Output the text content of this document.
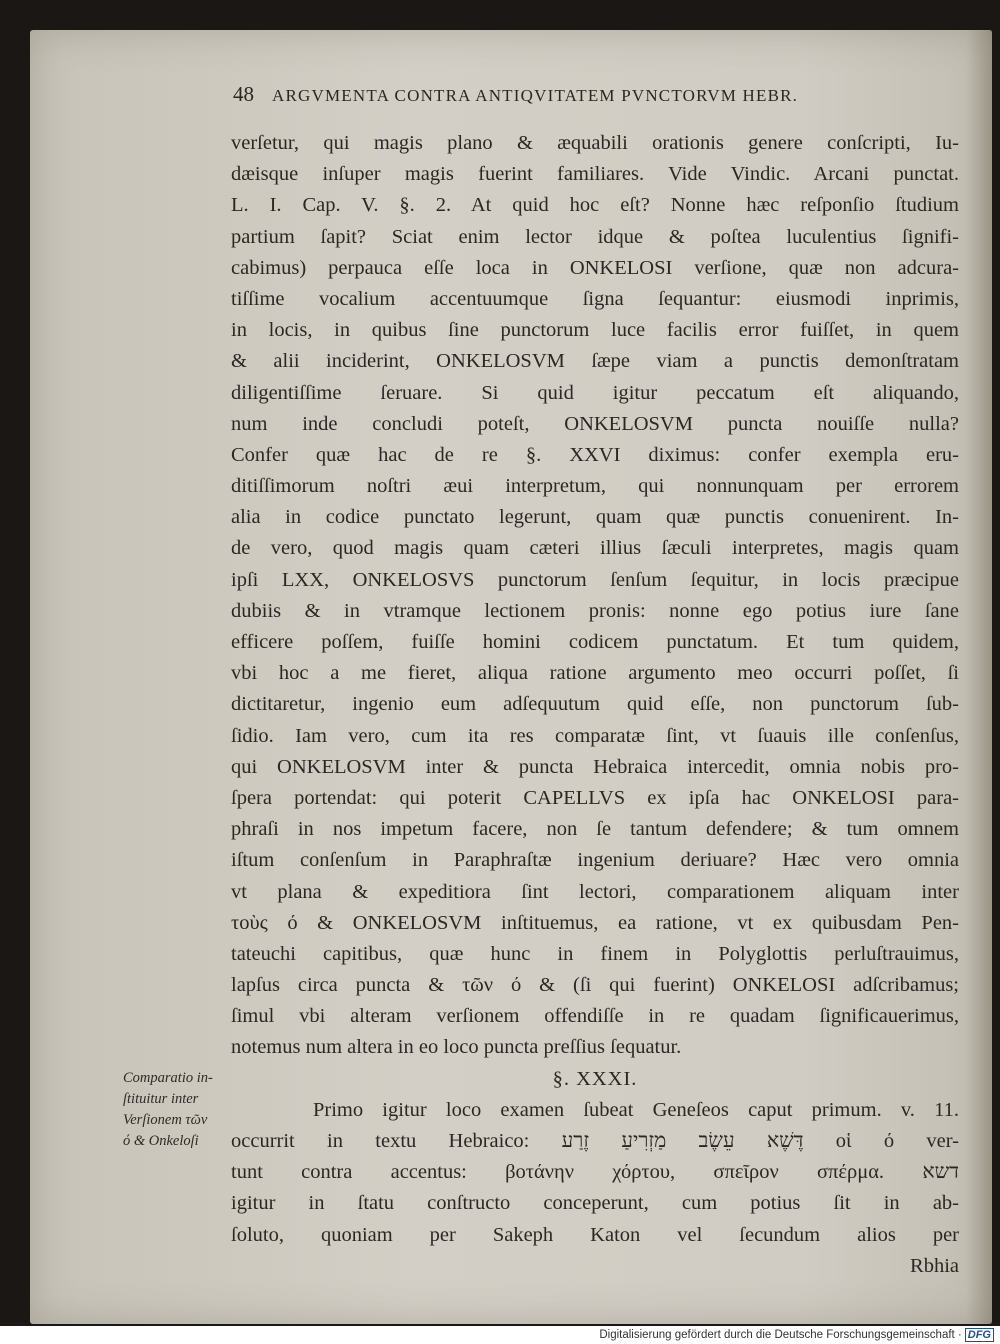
48 ARGVMENTA CONTRA ANTIQVITATEM PVNCTORVM HEBR.
verſetur, qui magis plano & æquabili orationis genere conſcripti, Iu-
dæisque inſuper magis fuerint familiares. Vide Vindic. Arcani punctat.
L. I. Cap. V. §. 2. At quid hoc eſt? Nonne hæc reſponſio ſtudium
partium ſapit? Sciat enim lector idque & poſtea luculentius ſignifi-
cabimus) perpauca eſſe loca in ONKELOSI verſione, quæ non adcura-
tiſſime vocalium accentuumque ſigna ſequantur: eiusmodi inprimis,
in locis, in quibus ſine punctorum luce facilis error fuiſſet, in quem
& alii inciderint, ONKELOSVM ſæpe viam a punctis demonſtratam
diligentiſſime ſeruare. Si quid igitur peccatum eſt aliquando,
num inde concludi poteſt, ONKELOSVM puncta nouiſſe nulla?
Confer quæ hac de re §. XXVI diximus: confer exempla eru-
ditiſſimorum noſtri æui interpretum, qui nonnunquam per errorem
alia in codice punctato legerunt, quam quæ punctis conuenirent. In-
de vero, quod magis quam cæteri illius ſæculi interpretes, magis quam
ipſi LXX, ONKELOSVS punctorum ſenſum ſequitur, in locis præcipue
dubiis & in vtramque lectionem pronis: nonne ego potius iure ſane
efficere poſſem, fuiſſe homini codicem punctatum. Et tum quidem,
vbi hoc a me fieret, aliqua ratione argumento meo occurri poſſet, ſi
dictitaretur, ingenio eum adſequutum quid eſſe, non punctorum ſub-
ſidio. Iam vero, cum ita res comparatæ ſint, vt ſuauis ille conſenſus,
qui ONKELOSVM inter & puncta Hebraica intercedit, omnia nobis pro-
ſpera portendat: qui poterit CAPELLVS ex ipſa hac ONKELOSI para-
phraſi in nos impetum facere, non ſe tantum defendere; & tum omnem
iſtum conſenſum in Paraphraſtæ ingenium deriuare? Hæc vero omnia
vt plana & expeditiora ſint lectori, comparationem aliquam inter
τοὺς ό & ONKELOSVM inſtituemus, ea ratione, vt ex quibusdam Pen-
tateuchi capitibus, quæ hunc in finem in Polyglottis perluſtrauimus,
lapſus circa puncta & τῶν ό & (ſi qui fuerint) ONKELOSI adſcribamus;
ſimul vbi alteram verſionem offendiſſe in re quadam ſignificauerimus,
notemus num altera in eo loco puncta preſſius ſequatur.
§. XXXI.
Primo igitur loco examen ſubeat Geneſeos caput primum. v. 11.
occurrit in textu Hebraico: דֶּשֶׁא עֵשֶׂב מַזְרִיעַ זֶרַע οἱ ό ver-
tunt contra accentus: βοτάνην χόρτου, σπεῖρον σπέρμα. דשא
igitur in ſtatu conſtructo conceperunt, cum potius ſit in ab-
ſoluto, quoniam per Sakeph Katon vel ſecundum alios per
Rbhia
Comparatio in-
ſtituitur inter
Verſionem τῶν
ό & Onkeloſi
Digitalisierung gefördert durch die Deutsche Forschungsgemeinschaft · DFG
